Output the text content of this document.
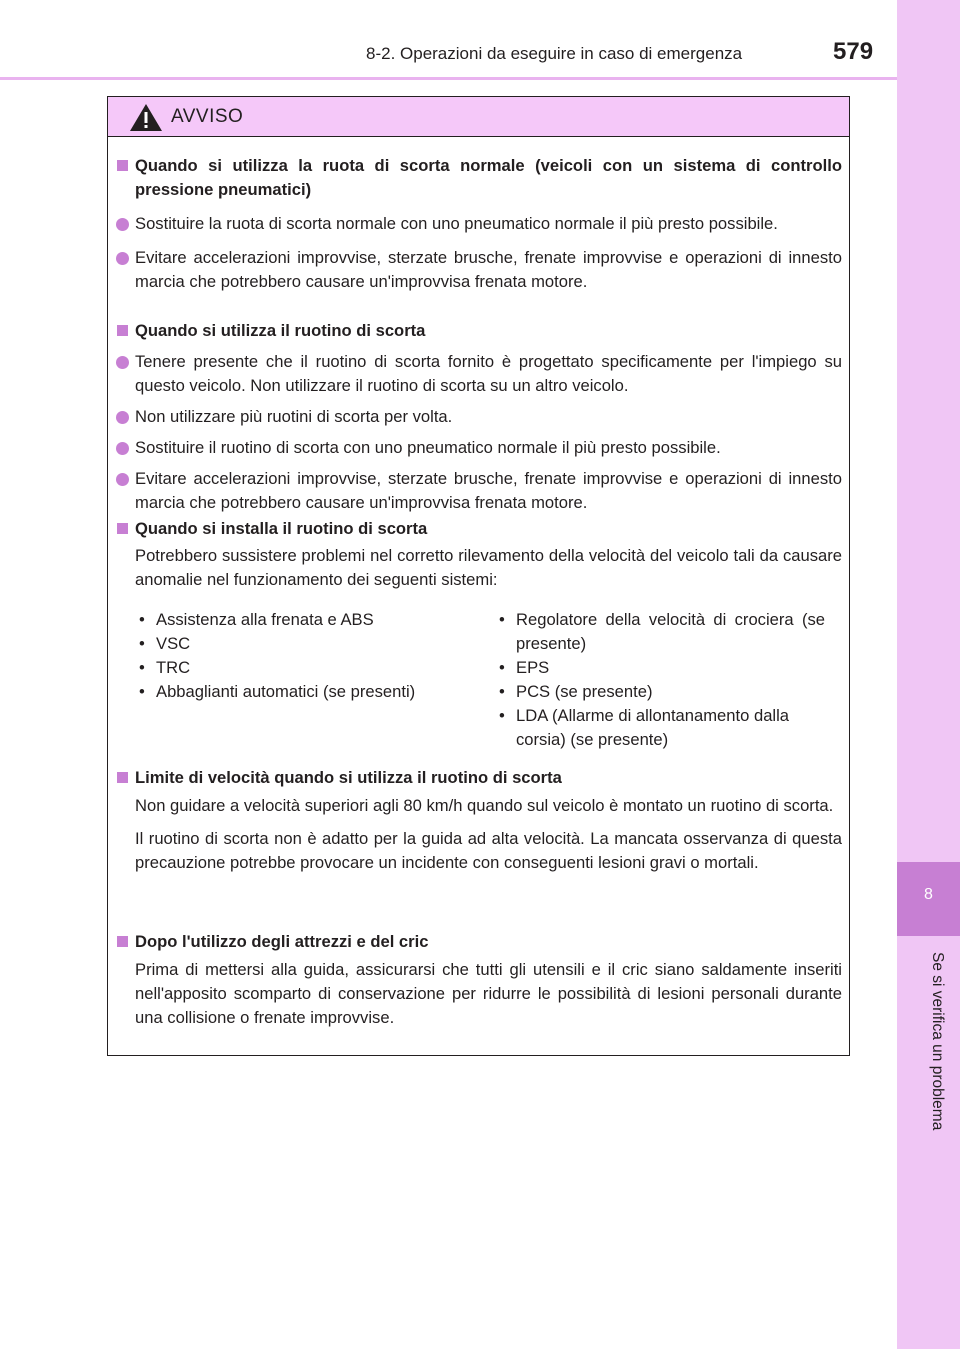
8-2. Operazioni da eseguire in caso di emergenza	579
8
Se si verifica un problema
AVVISO
Quando si utilizza la ruota di scorta normale (veicoli con un sistema di controllo pressione pneumatici)
Sostituire la ruota di scorta normale con uno pneumatico normale il più presto possibile.
Evitare accelerazioni improvvise, sterzate brusche, frenate improvvise e operazioni di innesto marcia che potrebbero causare un'improvvisa frenata motore.
Quando si utilizza il ruotino di scorta
Tenere presente che il ruotino di scorta fornito è progettato specificamente per l'impiego su questo veicolo. Non utilizzare il ruotino di scorta su un altro veicolo.
Non utilizzare più ruotini di scorta per volta.
Sostituire il ruotino di scorta con uno pneumatico normale il più presto possibile.
Evitare accelerazioni improvvise, sterzate brusche, frenate improvvise e operazioni di innesto marcia che potrebbero causare un'improvvisa frenata motore.
Quando si installa il ruotino di scorta
Potrebbero sussistere problemi nel corretto rilevamento della velocità del veicolo tali da causare anomalie nel funzionamento dei seguenti sistemi:
• Assistenza alla frenata e ABS
• VSC
• TRC
• Abbaglianti automatici (se presenti)
• Regolatore della velocità di crociera (se presente)
• EPS
• PCS (se presente)
• LDA (Allarme di allontanamento dalla corsia) (se presente)
Limite di velocità quando si utilizza il ruotino di scorta
Non guidare a velocità superiori agli 80 km/h quando sul veicolo è montato un ruotino di scorta.
Il ruotino di scorta non è adatto per la guida ad alta velocità. La mancata osservanza di questa precauzione potrebbe provocare un incidente con conseguenti lesioni gravi o mortali.
Dopo l'utilizzo degli attrezzi e del cric
Prima di mettersi alla guida, assicurarsi che tutti gli utensili e il cric siano saldamente inseriti nell'apposito scomparto di conservazione per ridurre le possibilità di lesioni personali durante una collisione o frenate improvvise.
